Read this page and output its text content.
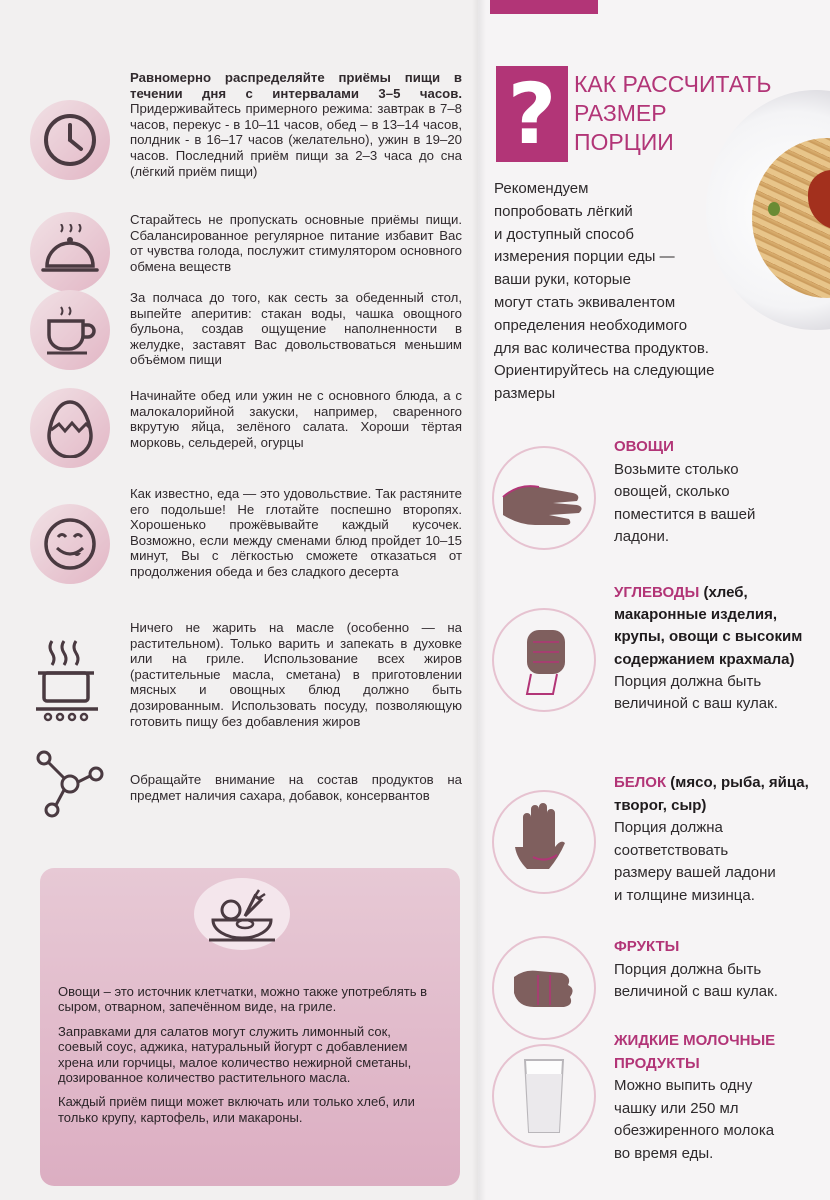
Равномерно распределяйте приёмы пищи в течении дня с интервалами 3–5 часов. Придерживайтесь примерного режима: завтрак в 7–8 часов, перекус - в 10–11 часов, обед – в 13–14 часов, полдник - в 16–17 часов (желательно), ужин в 19–20 часов. Последний приём пищи за 2–3 часа до сна (лёгкий приём пищи)
Старайтесь не пропускать основные приёмы пищи. Сбалансированное регулярное питание избавит Вас от чувства голода, послужит стимулятором основного обмена веществ
За полчаса до того, как сесть за обеденный стол, выпейте аперитив: стакан воды, чашка овощного бульона, создав ощущение наполненности в желудке, заставят Вас довольствоваться меньшим объёмом пищи
Начинайте обед или ужин не с основного блюда, а с малокалорийной закуски, например, сваренного вкрутую яйца, зелёного салата. Хороши тёртая морковь, сельдерей, огурцы
Как известно, еда — это удовольствие. Так растяните его подольше! Не глотайте поспешно второпях. Хорошенько прожёвывайте каждый кусочек. Возможно, если между сменами блюд пройдет 10–15 минут, Вы с лёгкостью сможете отказаться от продолжения обеда и без сладкого десерта
Ничего не жарить на масле (особенно — на растительном). Только варить и запекать в духовке или на гриле. Использование всех жиров (растительные масла, сметана) в приготовлении мясных и овощных блюд должно быть дозированным. Использовать посуду, позволяющую готовить пищу без добавления жиров
Обращайте внимание на состав продуктов на предмет наличия сахара, добавок, консервантов

Овощи – это источник клетчатки, можно также употреблять в сыром, отварном, запечённом виде, на гриле.

Заправками для салатов могут служить лимонный сок, соевый соус, аджика, натуральный йогурт с добавлением хрена или горчицы, малое количество нежирной сметаны, дозированное количество растительного масла.

Каждый приём пищи может включать или только хлеб, или только крупу, картофель, или макароны.

? КАК РАССЧИТАТЬ
РАЗМЕР
ПОРЦИИ
Рекомендуем
попробовать лёгкий
и доступный способ
измерения порции еды —
ваши руки, которые
могут стать эквивалентом
определения необходимого
для вас количества продуктов.
Ориентируйтесь на следующие
размеры
ОВОЩИ
Возьмите столько
овощей, сколько
поместится в вашей
ладони.
УГЛЕВОДЫ (хлеб, макаронные изделия, крупы, овощи с высоким содержанием крахмала)
Порция должна быть
величиной с ваш кулак.
БЕЛОК (мясо, рыба, яйца, творог, сыр)
Порция должна
соответствовать
размеру вашей ладони
и толщине мизинца.
ФРУКТЫ
Порция должна быть
величиной с ваш кулак.
ЖИДКИЕ МОЛОЧНЫЕ ПРОДУКТЫ
Можно выпить одну
чашку или 250 мл
обезжиренного молока
во время еды.
